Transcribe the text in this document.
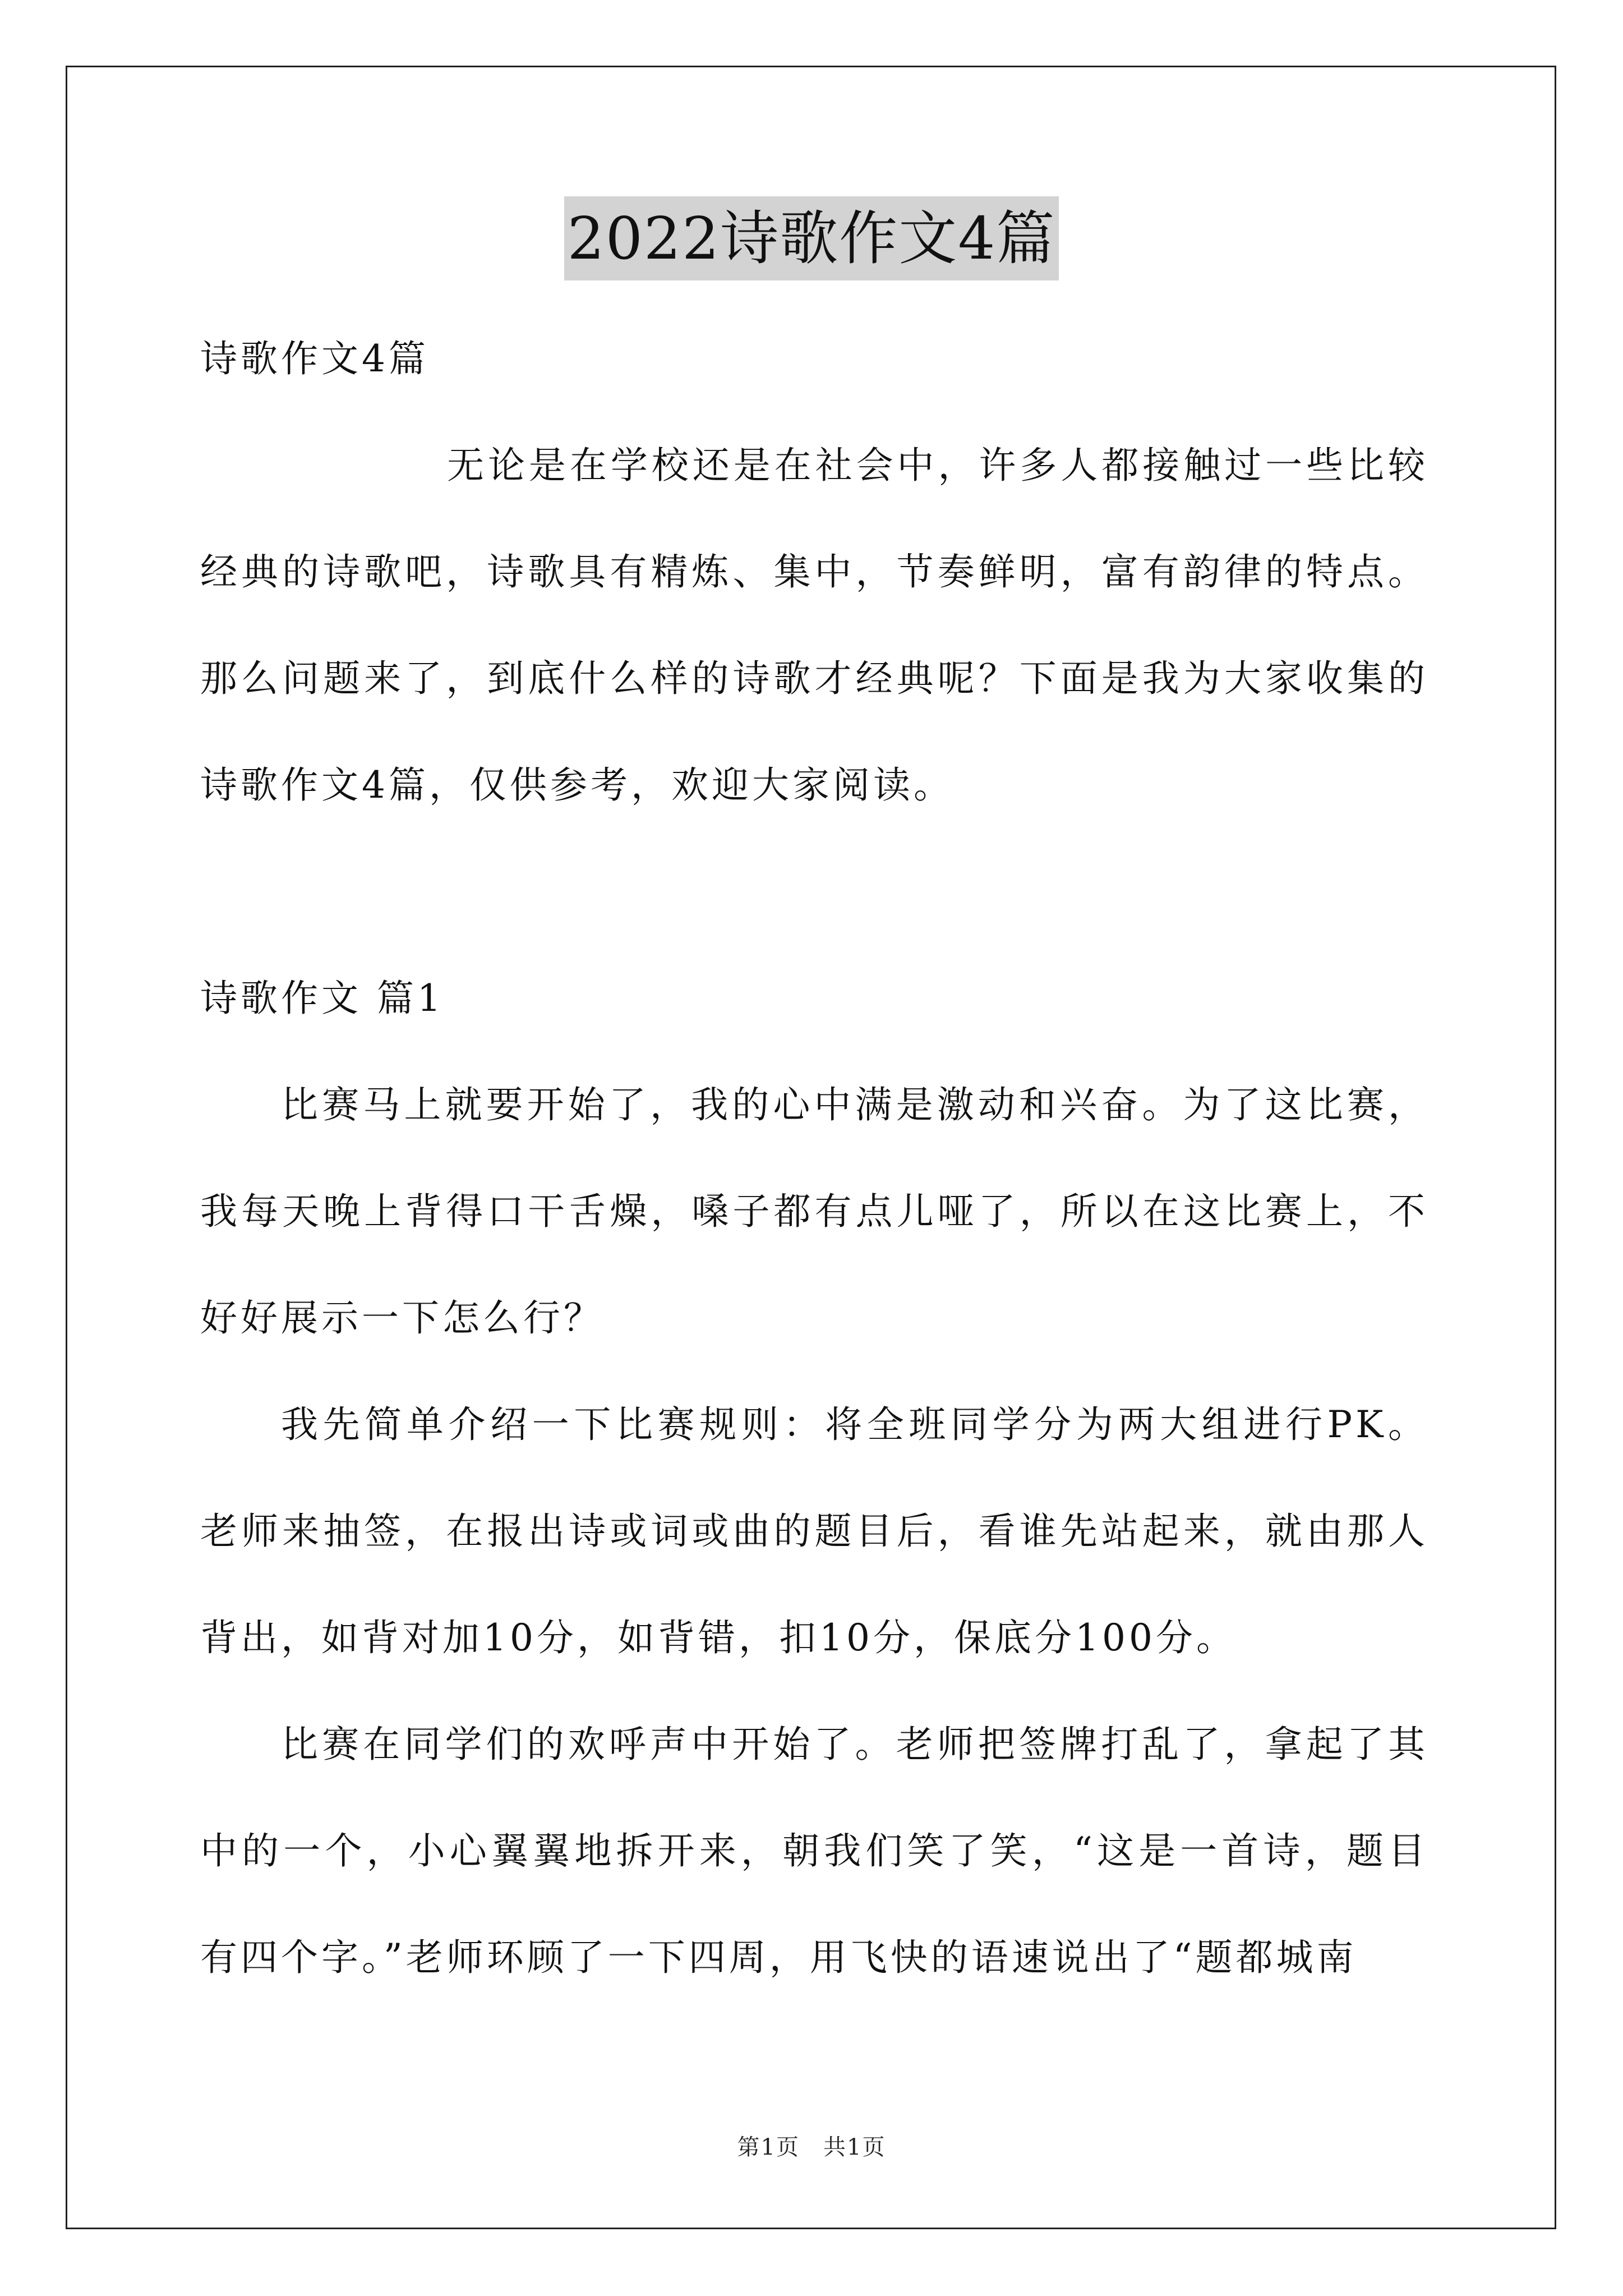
2022诗歌作文4篇

诗歌作文4篇

无论是在学校还是在社会中，许多人都接触过一些比较经典的诗歌吧，诗歌具有精炼、集中，节奏鲜明，富有韵律的特点。那么问题来了，到底什么样的诗歌才经典呢？下面是我为大家收集的诗歌作文4篇，仅供参考，欢迎大家阅读。

诗歌作文 篇1

比赛马上就要开始了，我的心中满是激动和兴奋。为了这比赛，我每天晚上背得口干舌燥，嗓子都有点儿哑了，所以在这比赛上，不好好展示一下怎么行？

我先简单介绍一下比赛规则：将全班同学分为两大组进行PK。老师来抽签，在报出诗或词或曲的题目后，看谁先站起来，就由那人背出，如背对加10分，如背错，扣10分，保底分100分。

比赛在同学们的欢呼声中开始了。老师把签牌打乱了，拿起了其中的一个，小心翼翼地拆开来，朝我们笑了笑，“这是一首诗，题目有四个字。”老师环顾了一下四周，用飞快的语速说出了“题都城南

第1页　共1页
